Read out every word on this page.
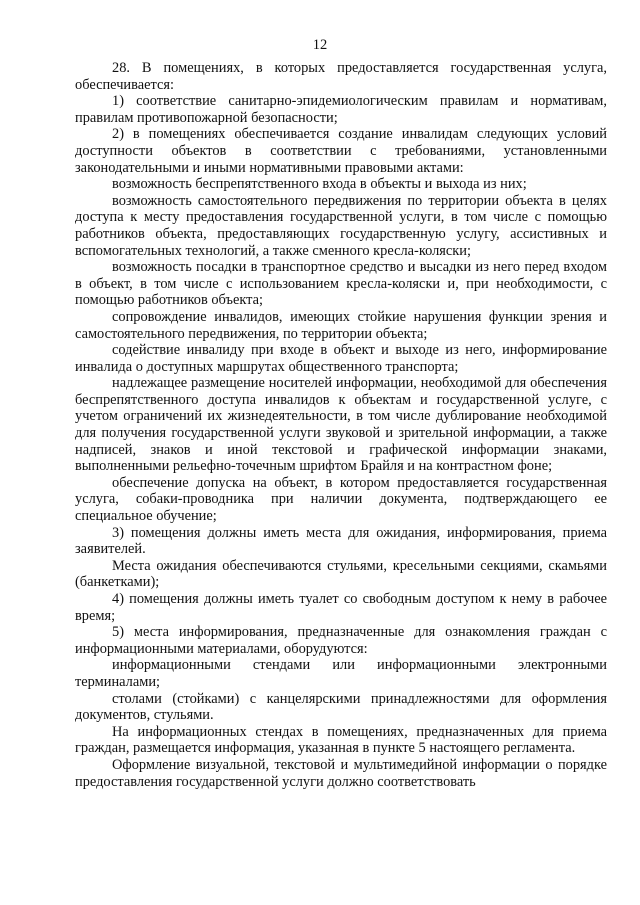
12

28. В помещениях, в которых предоставляется государственная услуга, обеспечивается:

1) соответствие санитарно-эпидемиологическим правилам и нормативам, правилам противопожарной безопасности;

2) в помещениях обеспечивается создание инвалидам следующих условий доступности объектов в соответствии с требованиями, установленными законодательными и иными нормативными правовыми актами:

возможность беспрепятственного входа в объекты и выхода из них;

возможность самостоятельного передвижения по территории объекта в целях доступа к месту предоставления государственной услуги, в том числе с помощью работников объекта, предоставляющих государственную услугу, ассистивных и вспомогательных технологий, а также сменного кресла-коляски;

возможность посадки в транспортное средство и высадки из него перед входом в объект, в том числе с использованием кресла-коляски и, при необходимости, с помощью работников объекта;

сопровождение инвалидов, имеющих стойкие нарушения функции зрения и самостоятельного передвижения, по территории объекта;

содействие инвалиду при входе в объект и выходе из него, информирование инвалида о доступных маршрутах общественного транспорта;

надлежащее размещение носителей информации, необходимой для обеспечения беспрепятственного доступа инвалидов к объектам и государственной услуге, с учетом ограничений их жизнедеятельности, в том числе дублирование необходимой для получения государственной услуги звуковой и зрительной информации, а также надписей, знаков и иной текстовой и графической информации знаками, выполненными рельефно-точечным шрифтом Брайля и на контрастном фоне;

обеспечение допуска на объект, в котором предоставляется государственная услуга, собаки-проводника при наличии документа, подтверждающего ее специальное обучение;

3) помещения должны иметь места для ожидания, информирования, приема заявителей.

Места ожидания обеспечиваются стульями, кресельными секциями, скамьями (банкетками);

4) помещения должны иметь туалет со свободным доступом к нему в рабочее время;

5) места информирования, предназначенные для ознакомления граждан с информационными материалами, оборудуются:

информационными стендами или информационными электронными терминалами;

столами (стойками) с канцелярскими принадлежностями для оформления документов, стульями.

На информационных стендах в помещениях, предназначенных для приема граждан, размещается информация, указанная в пункте 5 настоящего регламента.

Оформление визуальной, текстовой и мультимедийной информации о порядке предоставления государственной услуги должно соответствовать
